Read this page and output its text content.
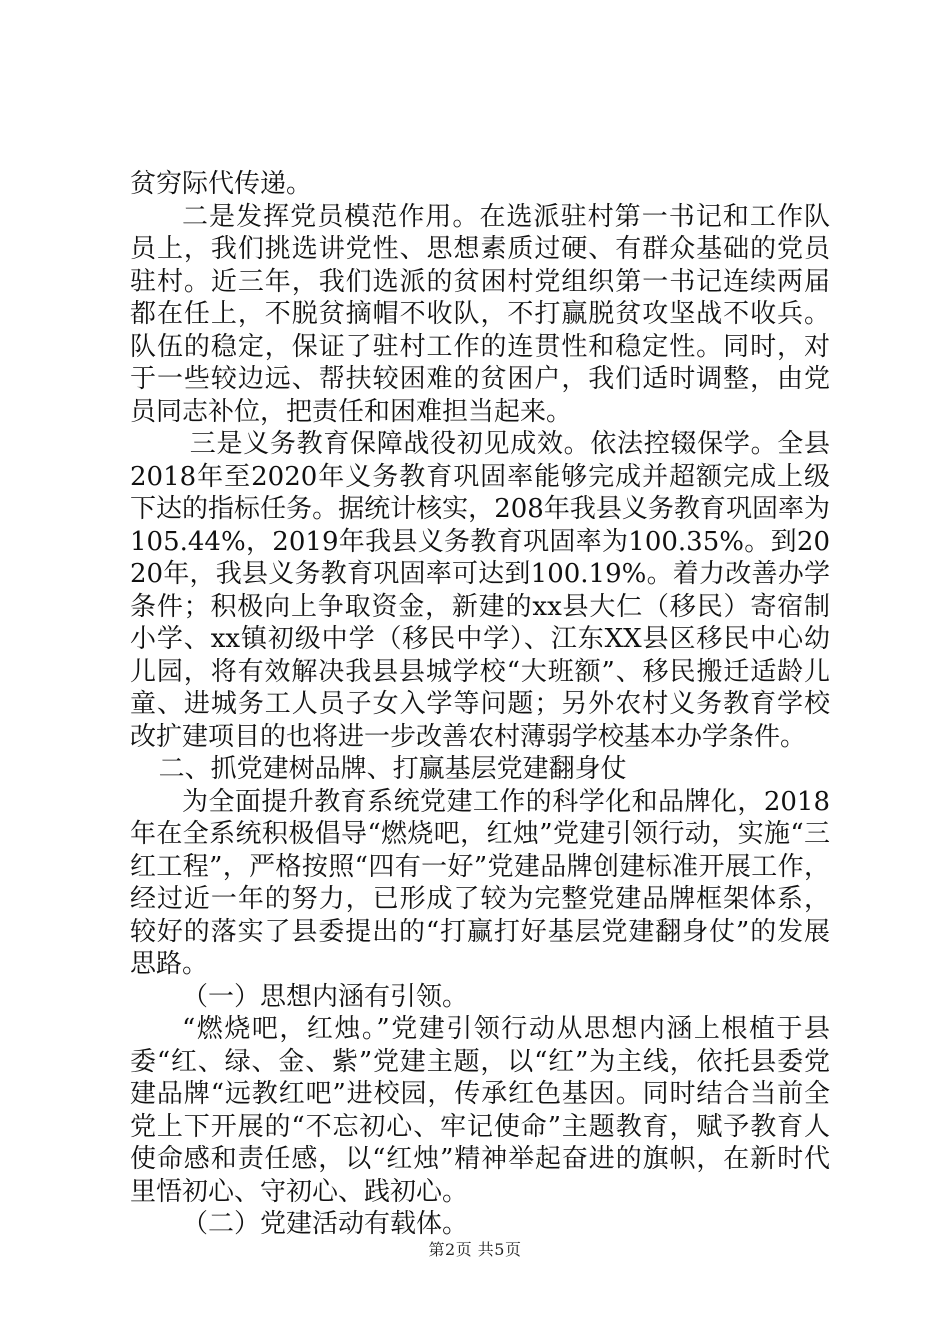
贫穷际代传递。

二是发挥党员模范作用。在选派驻村第一书记和工作队员上，我们挑选讲党性、思想素质过硬、有群众基础的党员驻村。近三年，我们选派的贫困村党组织第一书记连续两届都在任上，不脱贫摘帽不收队，不打赢脱贫攻坚战不收兵。队伍的稳定，保证了驻村工作的连贯性和稳定性。同时，对于一些较边远、帮扶较困难的贫困户，我们适时调整，由党员同志补位，把责任和困难担当起来。

三是义务教育保障战役初见成效。依法控辍保学。全县2018年至2020年义务教育巩固率能够完成并超额完成上级下达的指标任务。据统计核实，208年我县义务教育巩固率为105.44%，2019年我县义务教育巩固率为100.35%。到2020年，我县义务教育巩固率可达到100.19%。着力改善办学条件；积极向上争取资金，新建的xx县大仁（移民）寄宿制小学、xx镇初级中学（移民中学）、江东XX县区移民中心幼儿园，将有效解决我县县城学校“大班额”、移民搬迁适龄儿童、进城务工人员子女入学等问题；另外农村义务教育学校改扩建项目的也将进一步改善农村薄弱学校基本办学条件。

二、抓党建树品牌、打赢基层党建翻身仗

为全面提升教育系统党建工作的科学化和品牌化，2018年在全系统积极倡导“燃烧吧，红烛”党建引领行动，实施“三红工程”，严格按照“四有一好”党建品牌创建标准开展工作，经过近一年的努力，已形成了较为完整党建品牌框架体系，较好的落实了县委提出的“打赢打好基层党建翻身仗”的发展思路。

（一）思想内涵有引领。

“燃烧吧，红烛。”党建引领行动从思想内涵上根植于县委“红、绿、金、紫”党建主题，以“红”为主线，依托县委党建品牌“远教红吧”进校园，传承红色基因。同时结合当前全党上下开展的“不忘初心、牢记使命”主题教育，赋予教育人使命感和责任感，以“红烛”精神举起奋进的旗帜，在新时代里悟初心、守初心、践初心。

（二）党建活动有载体。

第2页 共5页
